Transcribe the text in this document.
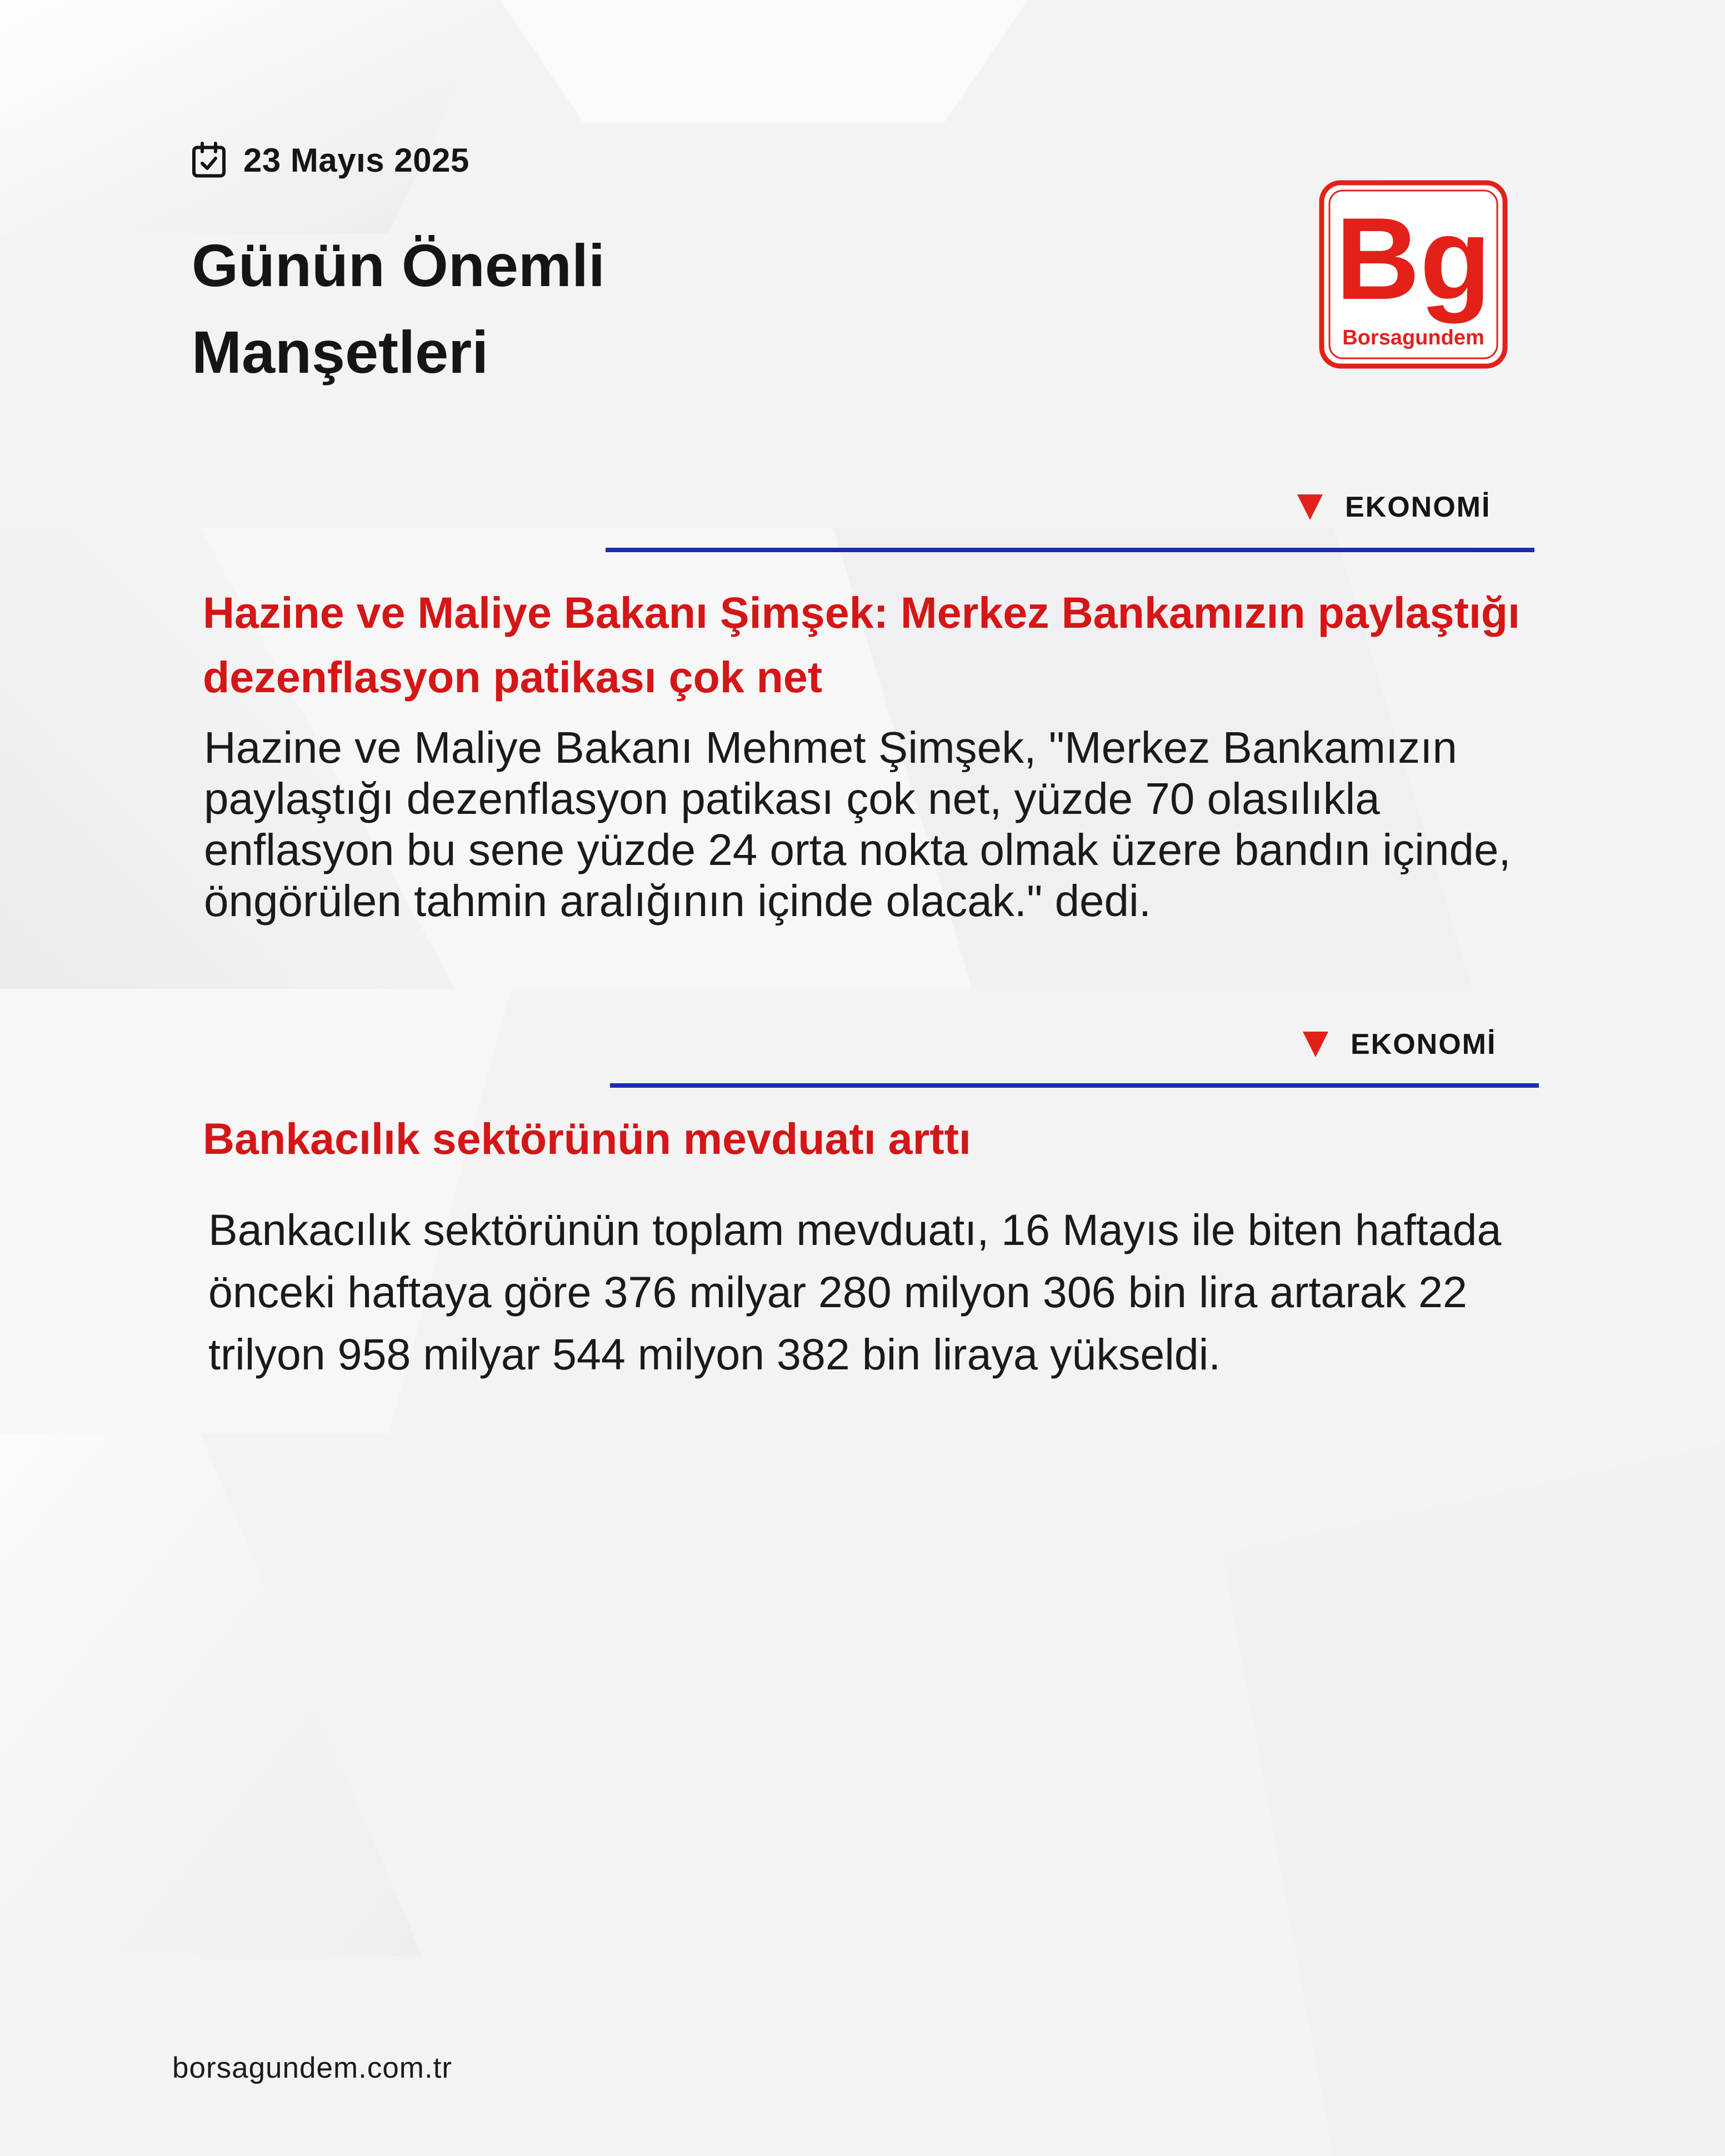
23 Mayıs 2025
Günün Önemli Manşetleri
Bg
Borsagundem
EKONOMİ
Hazine ve Maliye Bakanı Şimşek: Merkez Bankamızın paylaştığı dezenflasyon patikası çok net

Hazine ve Maliye Bakanı Mehmet Şimşek, "Merkez Bankamızın paylaştığı dezenflasyon patikası çok net, yüzde 70 olasılıkla enflasyon bu sene yüzde 24 orta nokta olmak üzere bandın içinde, öngörülen tahmin aralığının içinde olacak." dedi.

EKONOMİ
Bankacılık sektörünün mevduatı arttı

Bankacılık sektörünün toplam mevduatı, 16 Mayıs ile biten haftada önceki haftaya göre 376 milyar 280 milyon 306 bin lira artarak 22 trilyon 958 milyar 544 milyon 382 bin liraya yükseldi.

borsagundem.com.tr
